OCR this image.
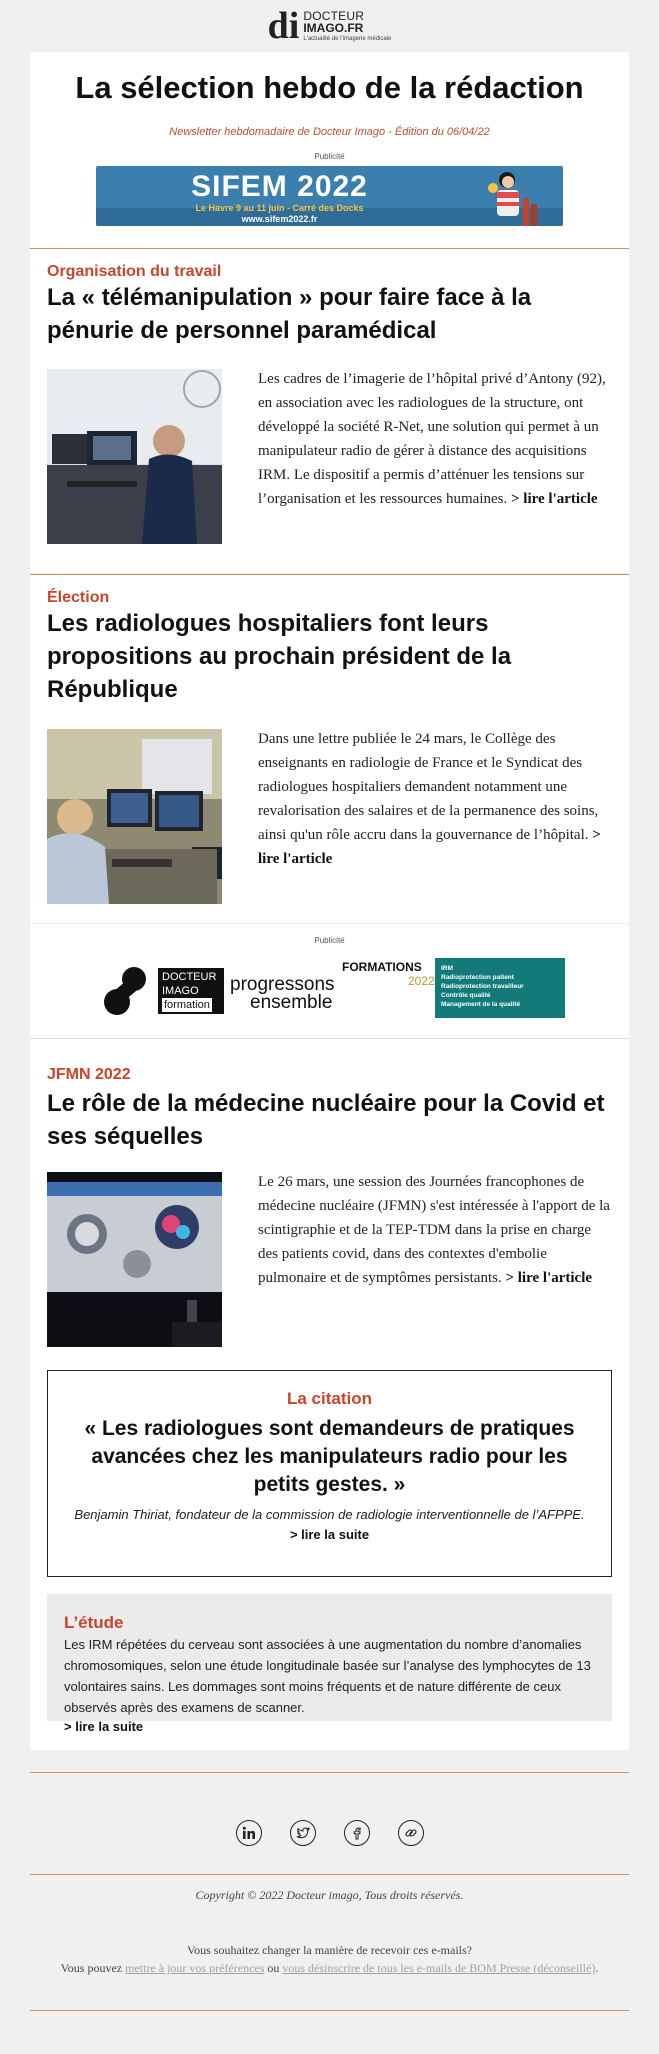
di DOCTEUR
IMAGO.FR
L'actualité de l'imagerie médicale
La sélection hebdo de la rédaction
Newsletter hebdomadaire de Docteur Imago - Édition du 06/04/22
Publicité
SIFEM 2022
Le Havre 9 au 11 juin - Carré des Docks
www.sifem2022.fr
Organisation du travail
La « télémanipulation » pour faire face à la pénurie de personnel paramédical
Les cadres de l’imagerie de l’hôpital privé d’Antony (92), en association avec les radiologues de la structure, ont développé la société R-Net, une solution qui permet à un manipulateur radio de gérer à distance des acquisitions IRM. Le dispositif a permis d’atténuer les tensions sur l’organisation et les ressources humaines. > lire l'article
Élection
Les radiologues hospitaliers font leurs propositions au prochain président de la République
Dans une lettre publiée le 24 mars, le Collège des enseignants en radiologie de France et le Syndicat des radiologues hospitaliers demandent notamment une revalorisation des salaires et de la permanence des soins, ainsi qu'un rôle accru dans la gouvernance de l’hôpital. > lire l'article
Publicité
DOCTEUR
IMAGO
formation
progressons
ensemble
FORMATIONS
2022
IRM
Radioprotection patient
Radioprotection travailleur
Contrôle qualité
Management de la qualité
JFMN 2022
Le rôle de la médecine nucléaire pour la Covid et ses séquelles
Le 26 mars, une session des Journées francophones de médecine nucléaire (JFMN) s'est intéressée à l'apport de la scintigraphie et de la TEP-TDM dans la prise en charge des patients covid, dans des contextes d'embolie pulmonaire et de symptômes persistants. > lire l'article
La citation
« Les radiologues sont demandeurs de pratiques avancées chez les manipulateurs radio pour les petits gestes. »
Benjamin Thiriat, fondateur de la commission de radiologie interventionnelle de l’AFPPE.
> lire la suite
L’étude
Les IRM répétées du cerveau sont associées à une augmentation du nombre d’anomalies chromosomiques, selon une étude longitudinale basée sur l’analyse des lymphocytes de 13 volontaires sains. Les dommages sont moins fréquents et de nature différente de ceux observés après des examens de scanner.
> lire la suite
Copyright © 2022 Docteur imago, Tous droits réservés.
Vous souhaitez changer la manière de recevoir ces e-mails?
Vous pouvez mettre à jour vos préférences ou vous désinscrire de tous les e-mails de BOM Presse (déconseillé).
